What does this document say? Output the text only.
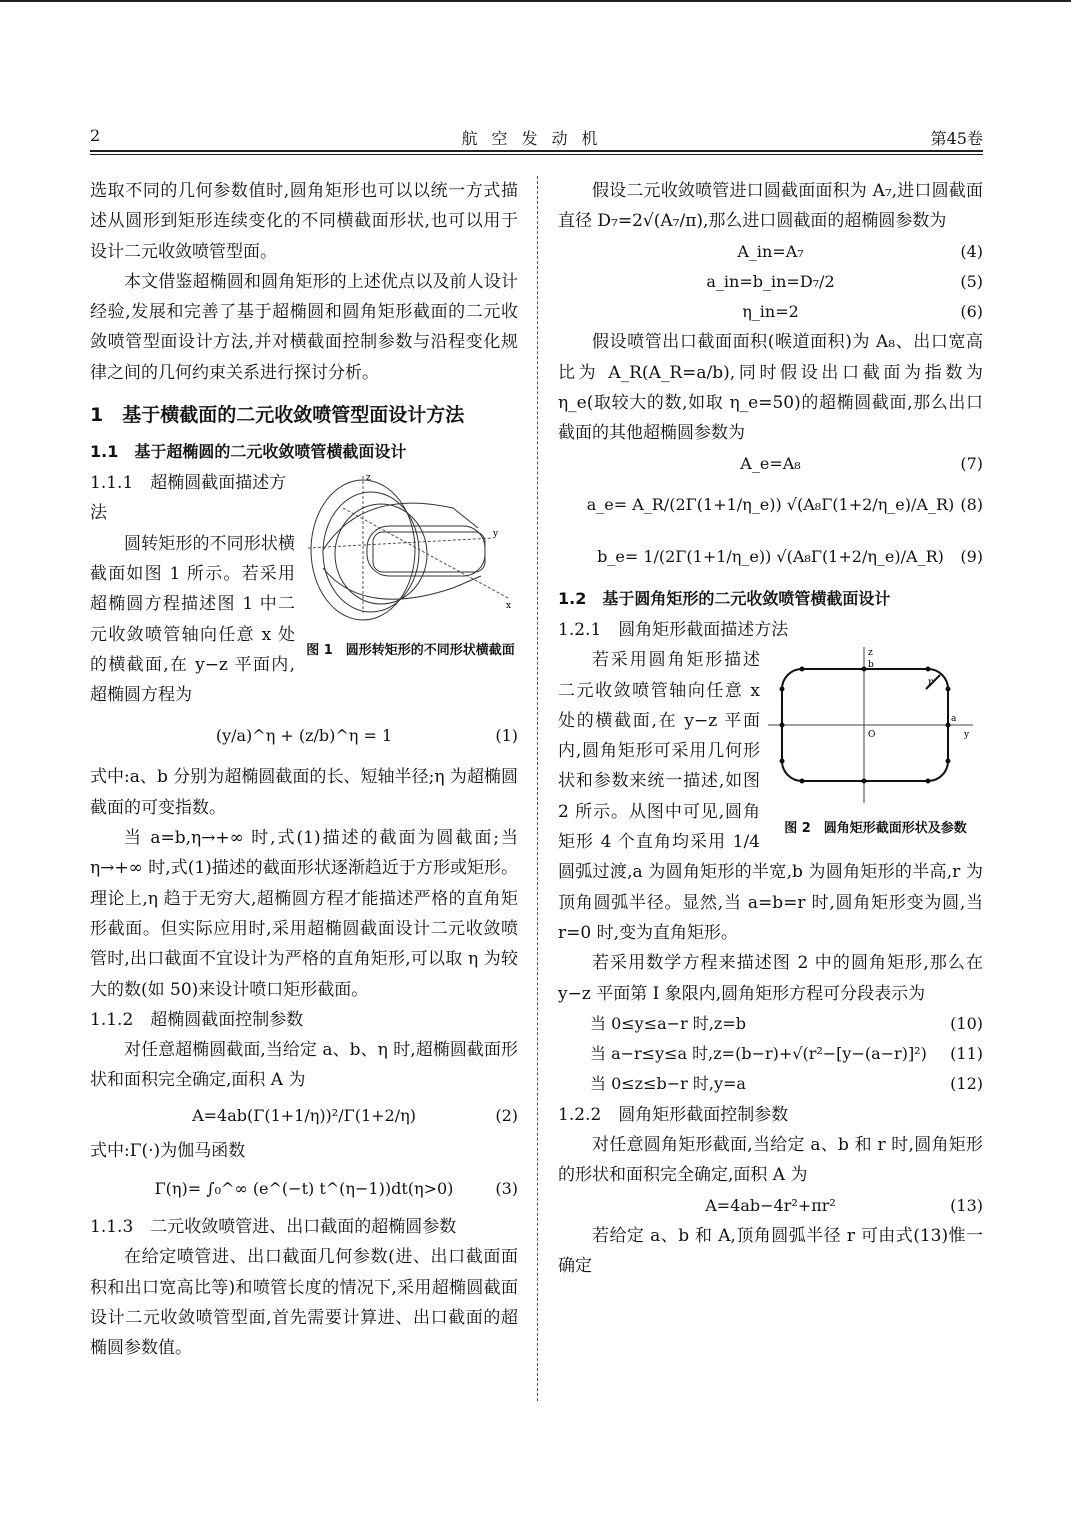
2	航空发动机	第45卷

选取不同的几何参数值时,圆角矩形也可以以统一方式描述从圆形到矩形连续变化的不同横截面形状,也可以用于设计二元收敛喷管型面。

本文借鉴超椭圆和圆角矩形的上述优点以及前人设计经验,发展和完善了基于超椭圆和圆角矩形截面的二元收敛喷管型面设计方法,并对横截面控制参数与沿程变化规律之间的几何约束关系进行探讨分析。

1　基于横截面的二元收敛喷管型面设计方法
1.1　基于超椭圆的二元收敛喷管横截面设计
z
y
x
图 1　圆形转矩形的不同形状横截面
1.1.1　超椭圆截面描述方法

圆转矩形的不同形状横截面如图 1 所示。若采用超椭圆方程描述图 1 中二元收敛喷管轴向任意 x 处的横截面,在 y−z 平面内,超椭圆方程为

(y/a)^η + (z/b)^η = 1	(1)

式中:a、b 分别为超椭圆截面的长、短轴半径;η 为超椭圆截面的可变指数。

当 a=b,η→+∞ 时,式(1)描述的截面为圆截面;当 η→+∞ 时,式(1)描述的截面形状逐渐趋近于方形或矩形。理论上,η 趋于无穷大,超椭圆方程才能描述严格的直角矩形截面。但实际应用时,采用超椭圆截面设计二元收敛喷管时,出口截面不宜设计为严格的直角矩形,可以取 η 为较大的数(如 50)来设计喷口矩形截面。

1.1.2　超椭圆截面控制参数

对任意超椭圆截面,当给定 a、b、η 时,超椭圆截面形状和面积完全确定,面积 A 为

A=4ab(Γ(1+1/η))²/Γ(1+2/η)	(2)

式中:Γ(·)为伽马函数

Γ(η)= ∫₀^∞ (e^(−t) t^(η−1))dt(η>0)	(3)
1.1.3　二元收敛喷管进、出口截面的超椭圆参数

在给定喷管进、出口截面几何参数(进、出口截面面积和出口宽高比等)和喷管长度的情况下,采用超椭圆截面设计二元收敛喷管型面,首先需要计算进、出口截面的超椭圆参数值。

假设二元收敛喷管进口圆截面面积为 A₇,进口圆截面直径 D₇=2√(A₇/π),那么进口圆截面的超椭圆参数为

A_in=A₇	(4)
a_in=b_in=D₇/2	(5)
η_in=2	(6)

假设喷管出口截面面积(喉道面积)为 A₈、出口宽高比为 A_R(A_R=a/b),同时假设出口截面为指数为 η_e(取较大的数,如取 η_e=50)的超椭圆截面,那么出口截面的其他超椭圆参数为

A_e=A₈	(7)
a_e= A_R/(2Γ(1+1/η_e)) √(A₈Γ(1+2/η_e)/A_R) (8)
b_e= 1/(2Γ(1+1/η_e)) √(A₈Γ(1+2/η_e)/A_R) (9)
1.2　基于圆角矩形的二元收敛喷管横截面设计
1.2.1　圆角矩形截面描述方法
z
b
r
a
y
O
图 2　圆角矩形截面形状及参数

若采用圆角矩形描述二元收敛喷管轴向任意 x 处的横截面,在 y−z 平面内,圆角矩形可采用几何形状和参数来统一描述,如图 2 所示。从图中可见,圆角矩形 4 个直角均采用 1/4 圆弧过渡,a 为圆角矩形的半宽,b 为圆角矩形的半高,r 为顶角圆弧半径。显然,当 a=b=r 时,圆角矩形变为圆,当 r=0 时,变为直角矩形。

若采用数学方程来描述图 2 中的圆角矩形,那么在 y−z 平面第 I 象限内,圆角矩形方程可分段表示为

当 0≤y≤a−r 时,z=b	(10)
当 a−r≤y≤a 时,z=(b−r)+√(r²−[y−(a−r)]²) (11)
当 0≤z≤b−r 时,y=a	(12)
1.2.2　圆角矩形截面控制参数

对任意圆角矩形截面,当给定 a、b 和 r 时,圆角矩形的形状和面积完全确定,面积 A 为

A=4ab−4r²+πr²	(13)

若给定 a、b 和 A,顶角圆弧半径 r 可由式(13)惟一确定
